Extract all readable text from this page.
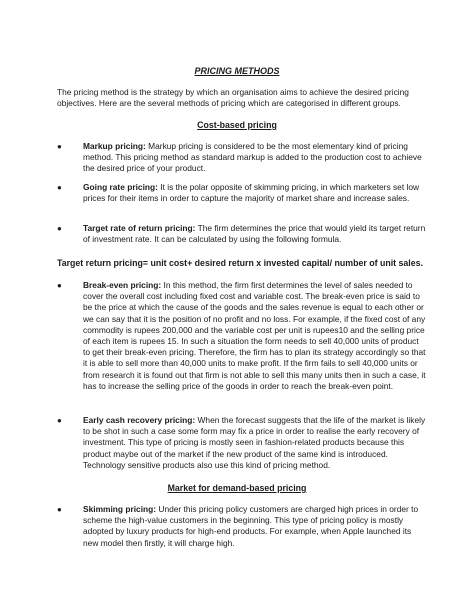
PRICING METHODS

The pricing method is the strategy by which an organisation aims to achieve the desired pricing objectives. Here are the several methods of pricing which are categorised in different groups.

Cost-based pricing
●	Markup pricing: Markup pricing is considered to be the most elementary kind of pricing method. This pricing method as standard markup is added to the production cost to achieve the desired price of your product.

●	Going rate pricing: It is the polar opposite of skimming pricing, in which marketers set low prices for their items in order to capture the majority of market share and increase sales.

●	Target rate of return pricing: The firm determines the price that would yield its target return of investment rate. It can be calculated by using the following formula.

Target return pricing= unit cost+ desired return x invested capital/ number of unit sales.

●	Break-even pricing: In this method, the firm first determines the level of sales needed to cover the overall cost including fixed cost and variable cost. The break-even price is said to be the price at which the cause of the goods and the sales revenue is equal to each other or we can say that it is the position of no profit and no loss. For example, if the fixed cost of any commodity is rupees 200,000 and the variable cost per unit is rupees10 and the selling price of each item is rupees 15. In such a situation the form needs to sell 40,000 units of product to get their break-even pricing. Therefore, the firm has to plan its strategy accordingly so that it is able to sell more than 40,000 units to make profit. If the firm fails to sell 40,000 units or from research it is found out that firm is not able to sell this many units then in such a case, it has to increase the selling price of the goods in order to reach the break-even point.

●	Early cash recovery pricing: When the forecast suggests that the life of the market is likely to be shot in such a case some form may fix a price in order to realise the early recovery of investment. This type of pricing is mostly seen in fashion-related products because this product maybe out of the market if the new product of the same kind is introduced. Technology sensitive products also use this kind of pricing method.

Market for demand-based pricing
●	Skimming pricing: Under this pricing policy customers are charged high prices in order to scheme the high-value customers in the beginning. This type of pricing policy is mostly adopted by luxury products for high-end products. For example, when Apple launched its new model then firstly, it will charge high.
